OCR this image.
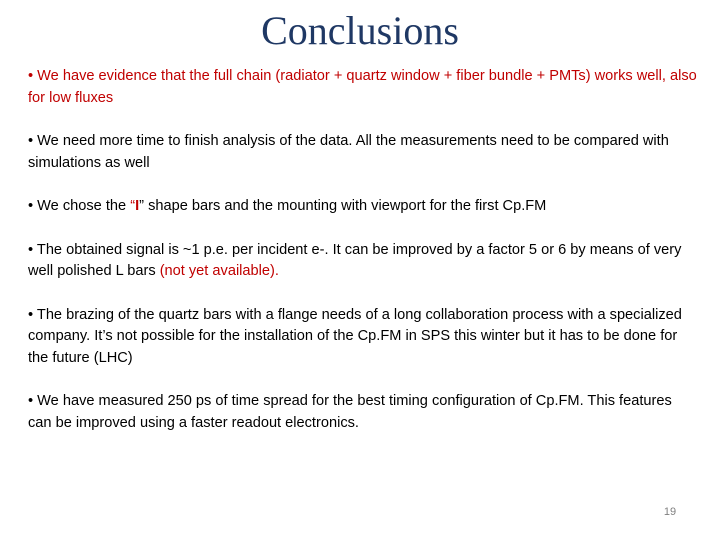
Conclusions

• We have evidence that the full chain (radiator + quartz window + fiber bundle + PMTs) works well, also for low fluxes

• We need more time to finish analysis of the data. All the measurements need to be compared with simulations as well

• We chose the “I” shape bars and the mounting with viewport for the first Cp.FM

• The obtained signal is ~1 p.e. per incident e-. It can be improved by a factor 5 or 6 by means of very well polished L bars (not yet available).

• The brazing of the quartz bars with a flange needs of a long collaboration process with a specialized company. It’s not possible for the installation of the Cp.FM in SPS this winter but it has to be done for the future (LHC)

• We have measured 250 ps of time spread for the best timing configuration of Cp.FM. This features can be improved using a faster readout electronics.

19
